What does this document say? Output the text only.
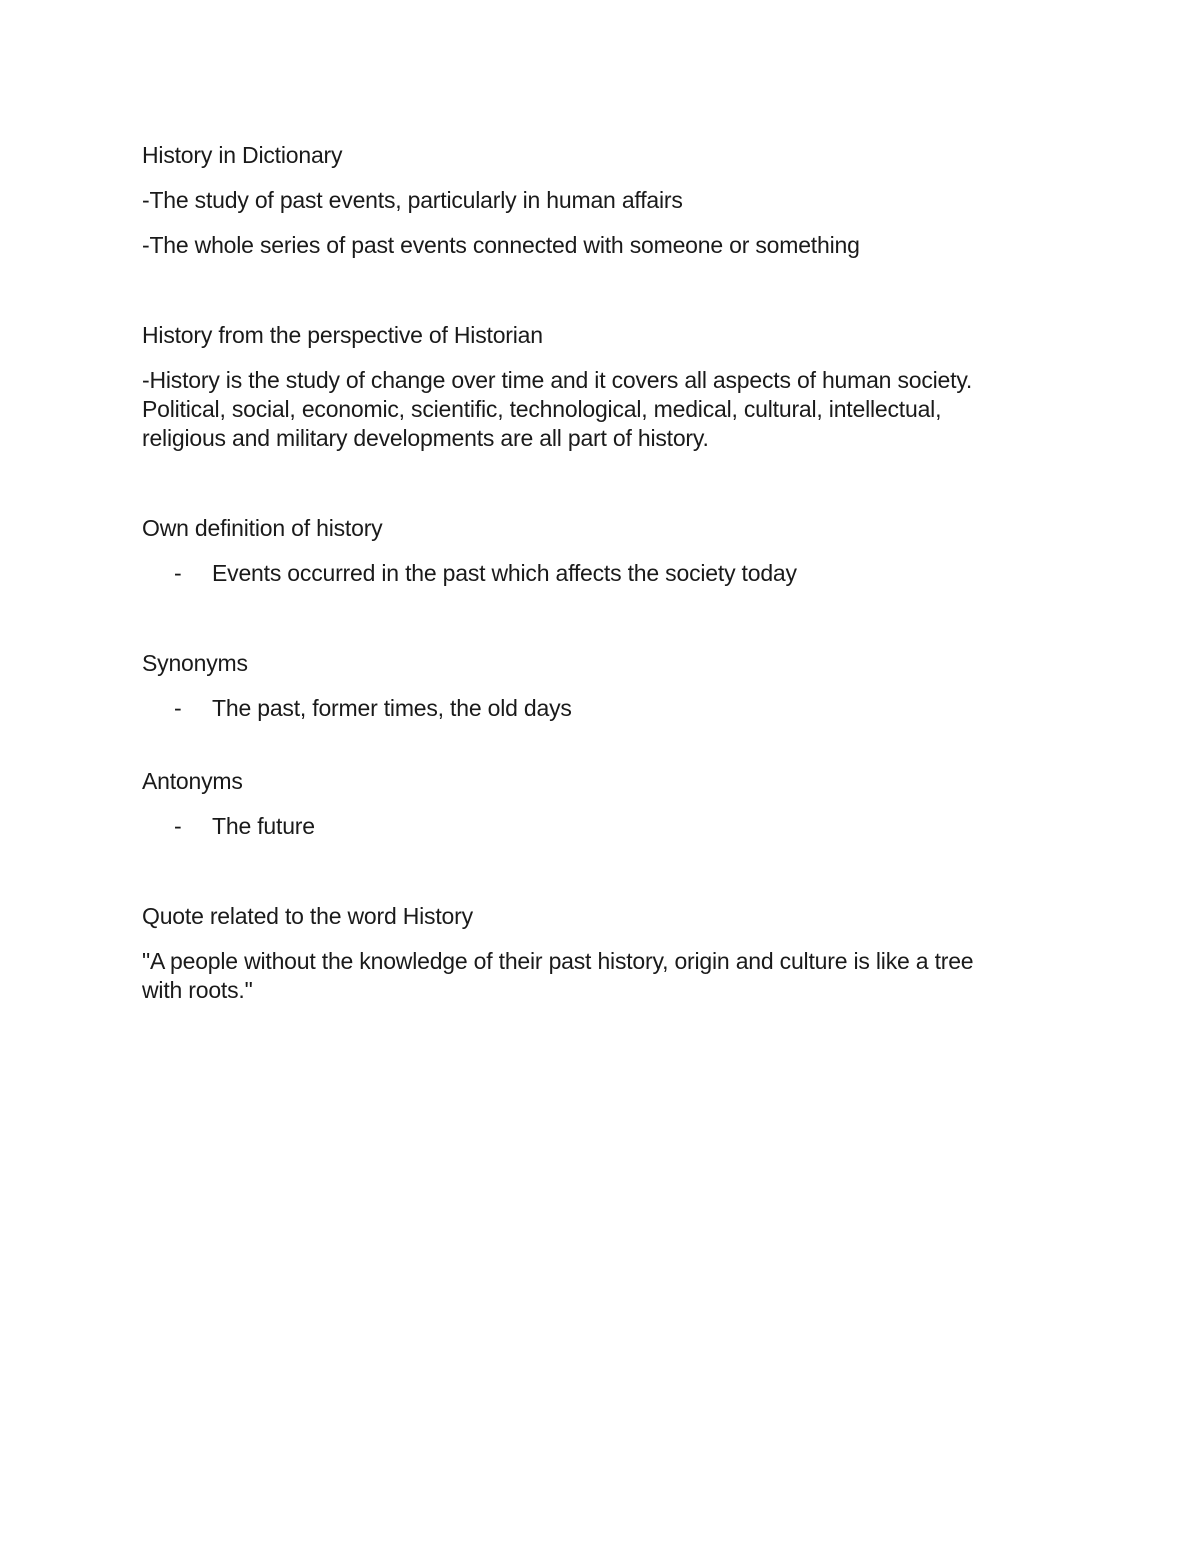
History in Dictionary
-The study of past events, particularly in human affairs
-The whole series of past events connected with someone or something
History from the perspective of Historian
-History is the study of change over time and it covers all aspects of human society.
Political, social, economic, scientific, technological, medical, cultural, intellectual,
religious and military developments are all part of history.
Own definition of history
- Events occurred in the past which affects the society today
Synonyms
- The past, former times, the old days
Antonyms
- The future
Quote related to the word History
"A people without the knowledge of their past history, origin and culture is like a tree
with roots."
